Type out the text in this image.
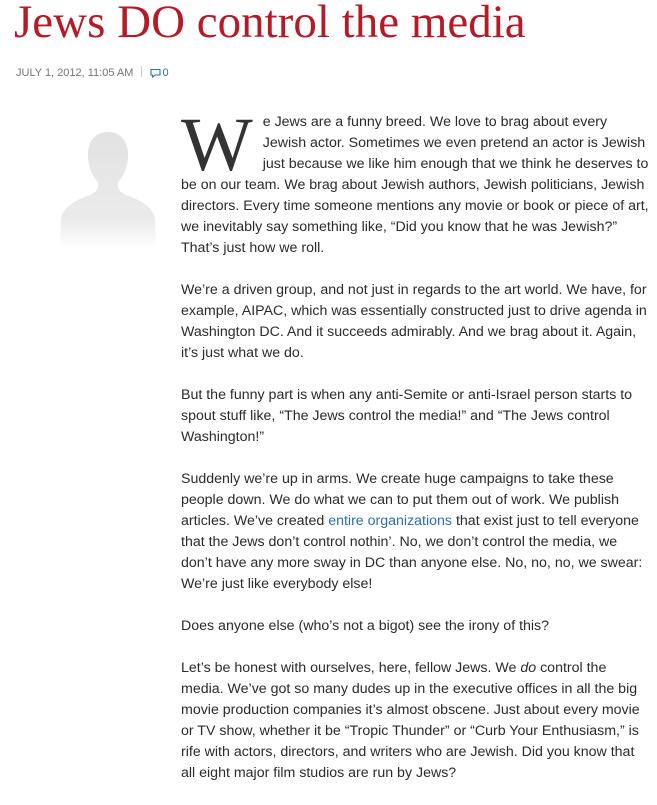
Jews DO control the media
JULY 1, 2012, 11:05 AM	0

We Jews are a funny breed. We love to brag about every Jewish actor. Sometimes we even pretend an actor is Jewish just because we like him enough that we think he deserves to be on our team. We brag about Jewish authors, Jewish politicians, Jewish directors. Every time someone mentions any movie or book or piece of art, we inevitably say something like, “Did you know that he was Jewish?” That’s just how we roll.

We’re a driven group, and not just in regards to the art world. We have, for example, AIPAC, which was essentially constructed just to drive agenda in Washington DC. And it succeeds admirably. And we brag about it. Again, it’s just what we do.

But the funny part is when any anti-Semite or anti-Israel person starts to spout stuff like, “The Jews control the media!” and “The Jews control Washington!”

Suddenly we’re up in arms. We create huge campaigns to take these people down. We do what we can to put them out of work. We publish articles. We’ve created entire organizations that exist just to tell everyone that the Jews don’t control nothin’. No, we don’t control the media, we don’t have any more sway in DC than anyone else. No, no, no, we swear: We’re just like everybody else!

Does anyone else (who’s not a bigot) see the irony of this?

Let’s be honest with ourselves, here, fellow Jews. We do control the media. We’ve got so many dudes up in the executive offices in all the big movie production companies it’s almost obscene. Just about every movie or TV show, whether it be “Tropic Thunder” or “Curb Your Enthusiasm,” is rife with actors, directors, and writers who are Jewish. Did you know that all eight major film studios are run by Jews?
